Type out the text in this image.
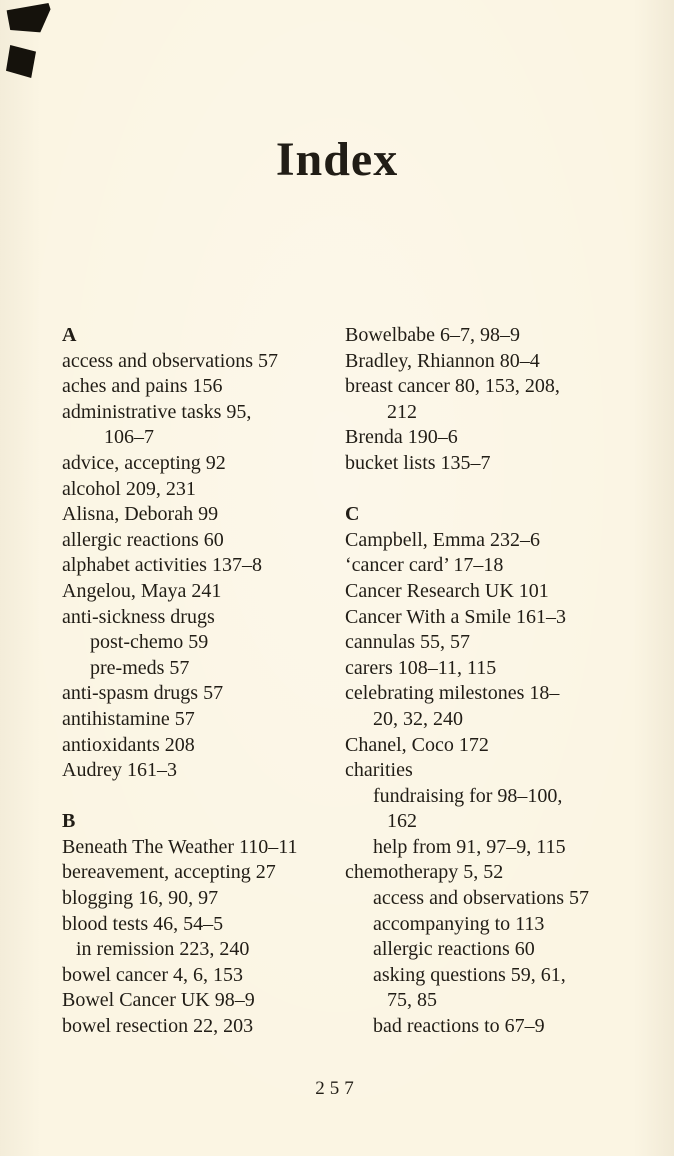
Index
A
access and observations 57
aches and pains 156
administrative tasks 95,
106–7
advice, accepting 92
alcohol 209, 231
Alisna, Deborah 99
allergic reactions 60
alphabet activities 137–8
Angelou, Maya 241
anti-sickness drugs
post-chemo 59
pre-meds 57
anti-spasm drugs 57
antihistamine 57
antioxidants 208
Audrey 161–3
B
Beneath The Weather 110–11
bereavement, accepting 27
blogging 16, 90, 97
blood tests 46, 54–5
in remission 223, 240
bowel cancer 4, 6, 153
Bowel Cancer UK 98–9
bowel resection 22, 203
Bowelbabe 6–7, 98–9
Bradley, Rhiannon 80–4
breast cancer 80, 153, 208,
212
Brenda 190–6
bucket lists 135–7
C
Campbell, Emma 232–6
‘cancer card’ 17–18
Cancer Research UK 101
Cancer With a Smile 161–3
cannulas 55, 57
carers 108–11, 115
celebrating milestones 18–
20, 32, 240
Chanel, Coco 172
charities
fundraising for 98–100,
162
help from 91, 97–9, 115
chemotherapy 5, 52
access and observations 57
accompanying to 113
allergic reactions 60
asking questions 59, 61,
75, 85
bad reactions to 67–9
257
